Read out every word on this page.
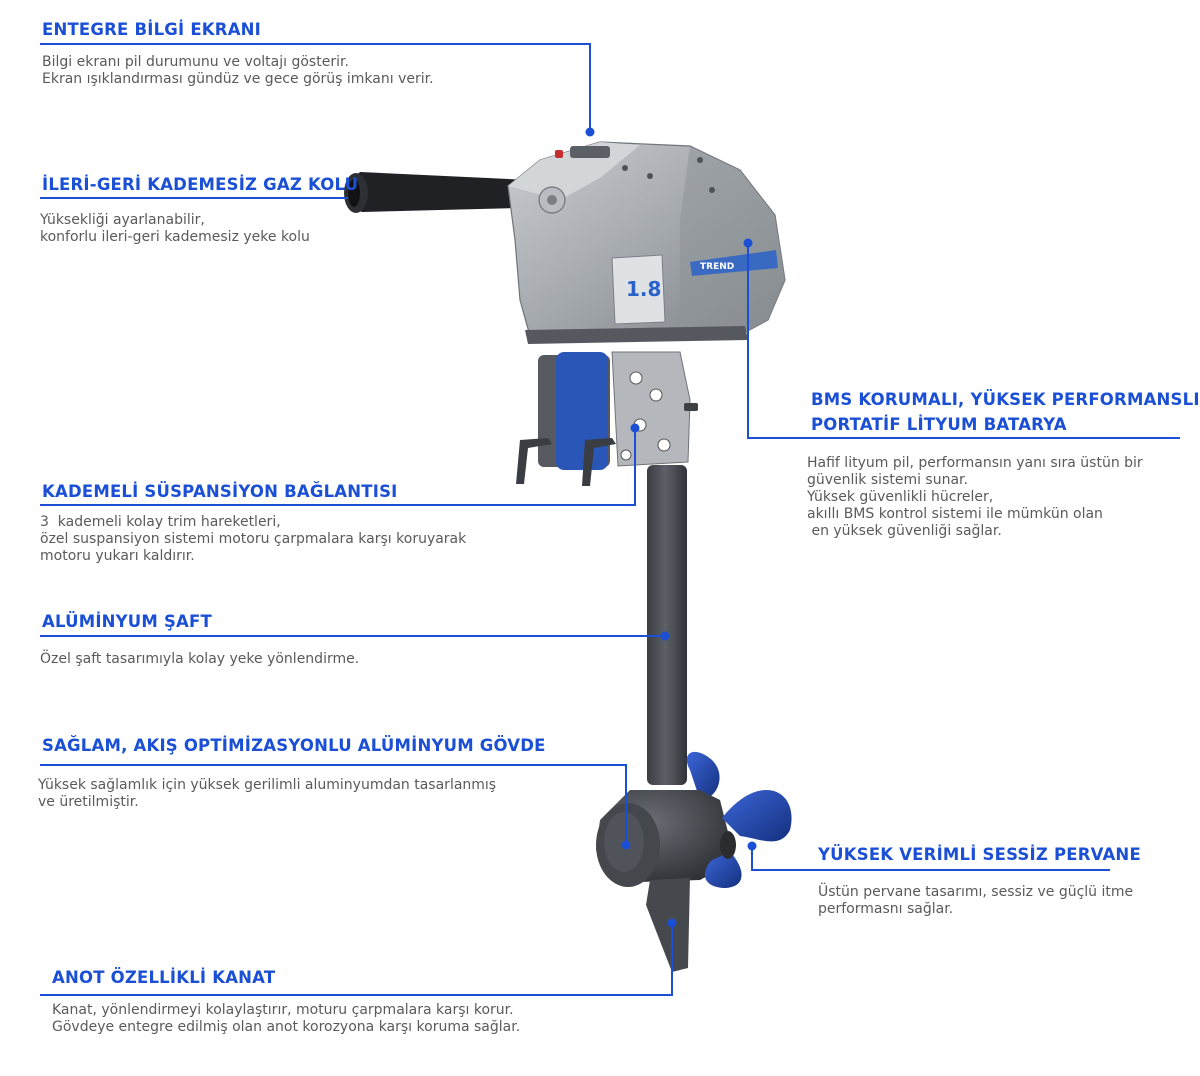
1.8
TREND
ENTEGRE BİLGİ EKRANI
Bilgi ekranı pil durumunu ve voltajı gösterir.
Ekran ışıklandırması gündüz ve gece görüş imkanı verir.
İLERİ-GERİ KADEMESİZ GAZ KOLU
Yüksekliği ayarlanabilir,
konforlu ileri-geri kademesiz yeke kolu
BMS KORUMALI, YÜKSEK PERFORMANSLI
PORTATİF LİTYUM BATARYA
Hafif lityum pil, performansın yanı sıra üstün bir
güvenlik sistemi sunar.
Yüksek güvenlikli hücreler,
akıllı BMS kontrol sistemi ile mümkün olan
en yüksek güvenliği sağlar.
KADEMELİ SÜSPANSİYON BAĞLANTISI
3  kademeli kolay trim hareketleri,
özel suspansiyon sistemi motoru çarpmalara karşı koruyarak
motoru yukarı kaldırır.
ALÜMİNYUM ŞAFT
Özel şaft tasarımıyla kolay yeke yönlendirme.
SAĞLAM, AKIŞ OPTİMİZASYONLU ALÜMİNYUM GÖVDE
Yüksek sağlamlık için yüksek gerilimli aluminyumdan tasarlanmış
ve üretilmiştir.
YÜKSEK VERİMLİ SESSİZ PERVANE
Üstün pervane tasarımı, sessiz ve güçlü itme
performasnı sağlar.
ANOT ÖZELLİKLİ KANAT
Kanat, yönlendirmeyi kolaylaştırır, moturu çarpmalara karşı korur.
Gövdeye entegre edilmiş olan anot korozyona karşı koruma sağlar.
